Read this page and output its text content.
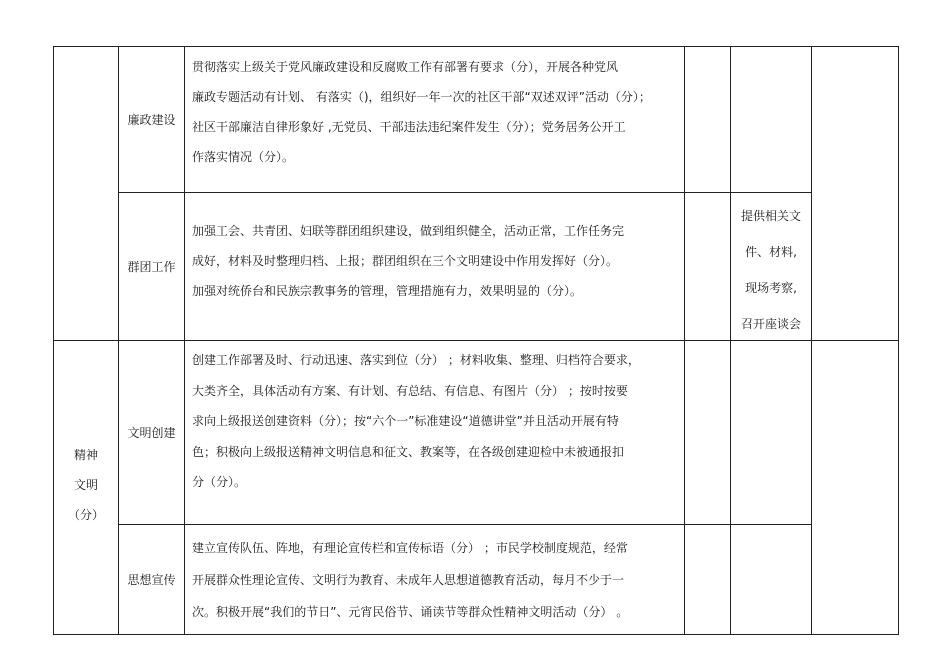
廉政建设
贯彻落实上级关于党风廉政建设和反腐败工作有部署有要求（分），开展各种党风
廉政专题活动有计划、 有落实（)，组织好一年一次的社区干部“双述双评”活动（分）；
社区干部廉洁自律形象好 ,无党员、干部违法违纪案件发生（分）；党务居务公开工
作落实情况（分）。
群团工作
加强工会、共青团、妇联等群团组织建设，做到组织健全，活动正常，工作任务完
成好，材料及时整理归档、上报；群团组织在三个文明建设中作用发挥好（分）。
加强对统侨台和民族宗教事务的管理，管理措施有力，效果明显的（分）。
提供相关文
件、材料,
现场考察,
召开座谈会
精神
文明
（分）
文明创建
创建工作部署及时、行动迅速、落实到位（分） ；材料收集、整理、归档符合要求，
大类齐全，具体活动有方案、有计划、有总结、有信息、有图片（分） ；按时按要
求向上级报送创建资料（分）；按“六个一”标准建设“道德讲堂”并且活动开展有特
色；积极向上级报送精神文明信息和征文、教案等，在各级创建迎检中未被通报扣
分（分）。
思想宣传
建立宣传队伍、阵地，有理论宣传栏和宣传标语（分） ；市民学校制度规范，经常
开展群众性理论宣传、文明行为教育、未成年人思想道德教育活动，每月不少于一
次。积极开展“我们的节日”、元宵民俗节、诵读节等群众性精神文明活动（分） 。
